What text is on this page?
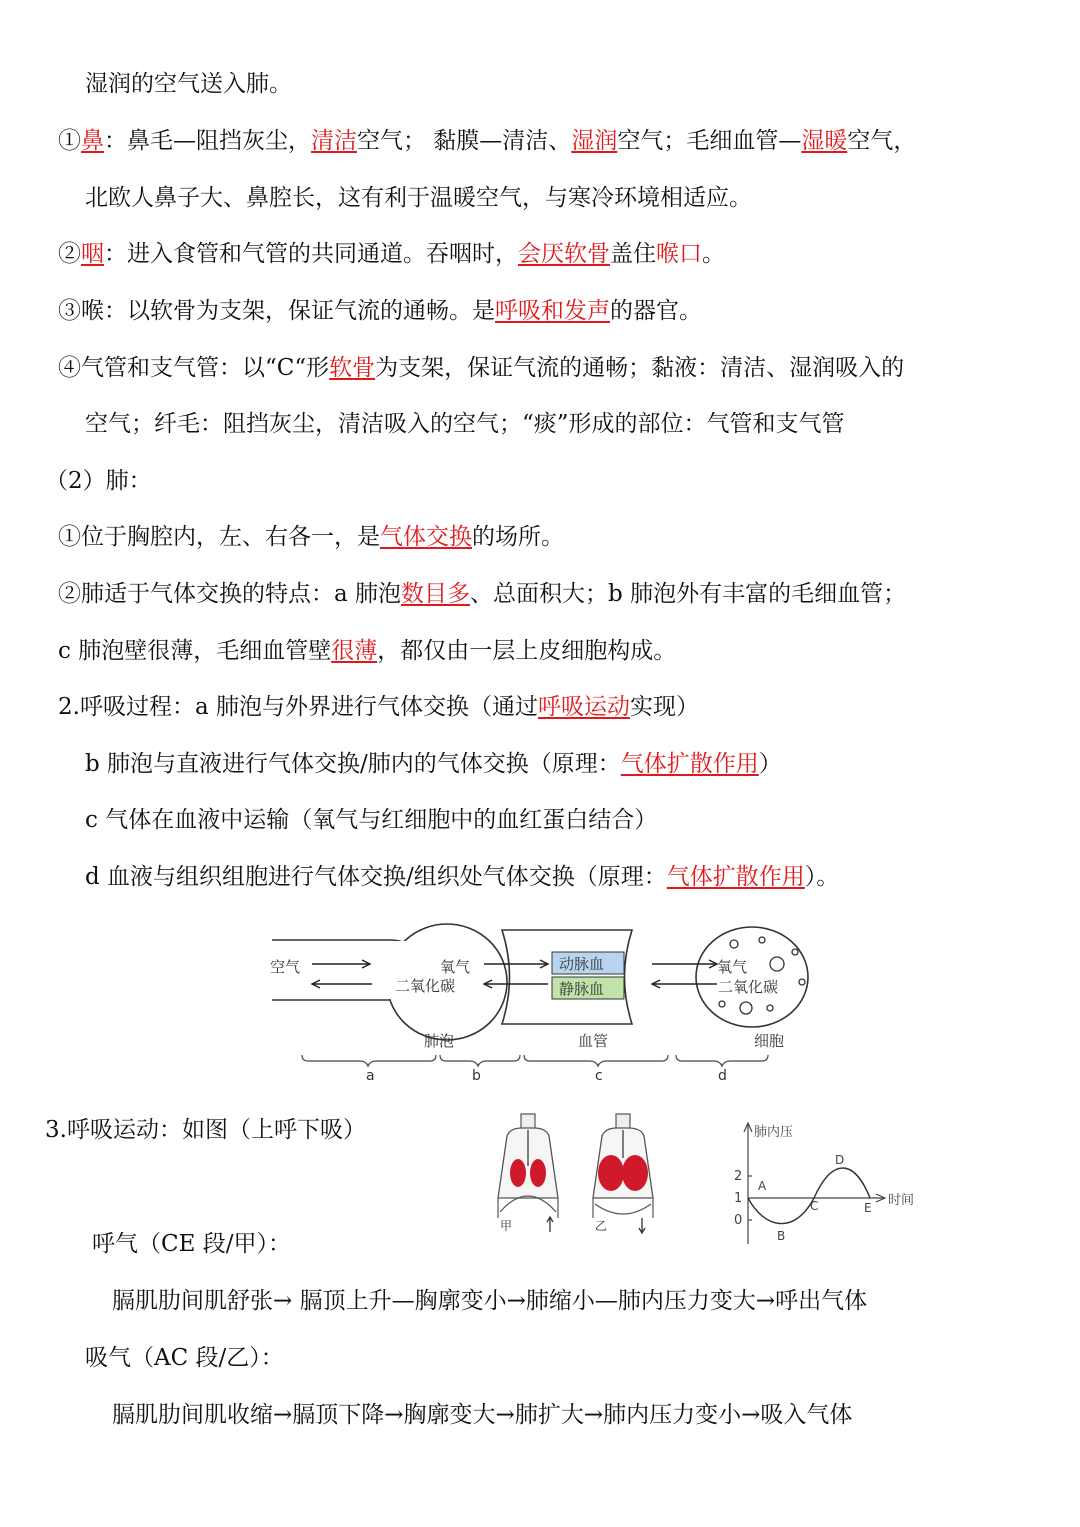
湿润的空气送入肺。
①鼻：鼻毛—阻挡灰尘，清洁空气； 黏膜—清洁、湿润空气；毛细血管—湿暖空气，
北欧人鼻子大、鼻腔长，这有利于温暖空气，与寒冷环境相适应。
②咽：进入食管和气管的共同通道。吞咽时，会厌软骨盖住喉口。
③喉：以软骨为支架，保证气流的通畅。是呼吸和发声的器官。
④气管和支气管：以“C“形软骨为支架，保证气流的通畅；黏液：清洁、湿润吸入的
空气；纤毛：阻挡灰尘，清洁吸入的空气；“痰”形成的部位：气管和支气管
（2）肺：
①位于胸腔内，左、右各一，是气体交换的场所。
②肺适于气体交换的特点：a 肺泡数目多、总面积大；b 肺泡外有丰富的毛细血管；
c 肺泡壁很薄，毛细血管壁很薄，都仅由一层上皮细胞构成。
2.呼吸过程：a 肺泡与外界进行气体交换（通过呼吸运动实现）
b 肺泡与直液进行气体交换/肺内的气体交换（原理：气体扩散作用）
c 气体在血液中运输（氧气与红细胞中的血红蛋白结合）
d 血液与组织组胞进行气体交换/组织处气体交换（原理：气体扩散作用）。
空气	氧气
二氧化碳
动脉血
静脉血
氧气
二氧化碳
肺泡	血管	细胞
a	b	c	d
3.呼吸运动：如图（上呼下吸）
甲	乙
肺内压
时间
2
1
0
A
B
C
D
E
呼气（CE 段/甲）：
膈肌肋间肌舒张→ 膈顶上升—胸廓变小→肺缩小—肺内压力变大→呼出气体
吸气（AC 段/乙）：
膈肌肋间肌收缩→膈顶下降→胸廓变大→肺扩大→肺内压力变小→吸入气体
